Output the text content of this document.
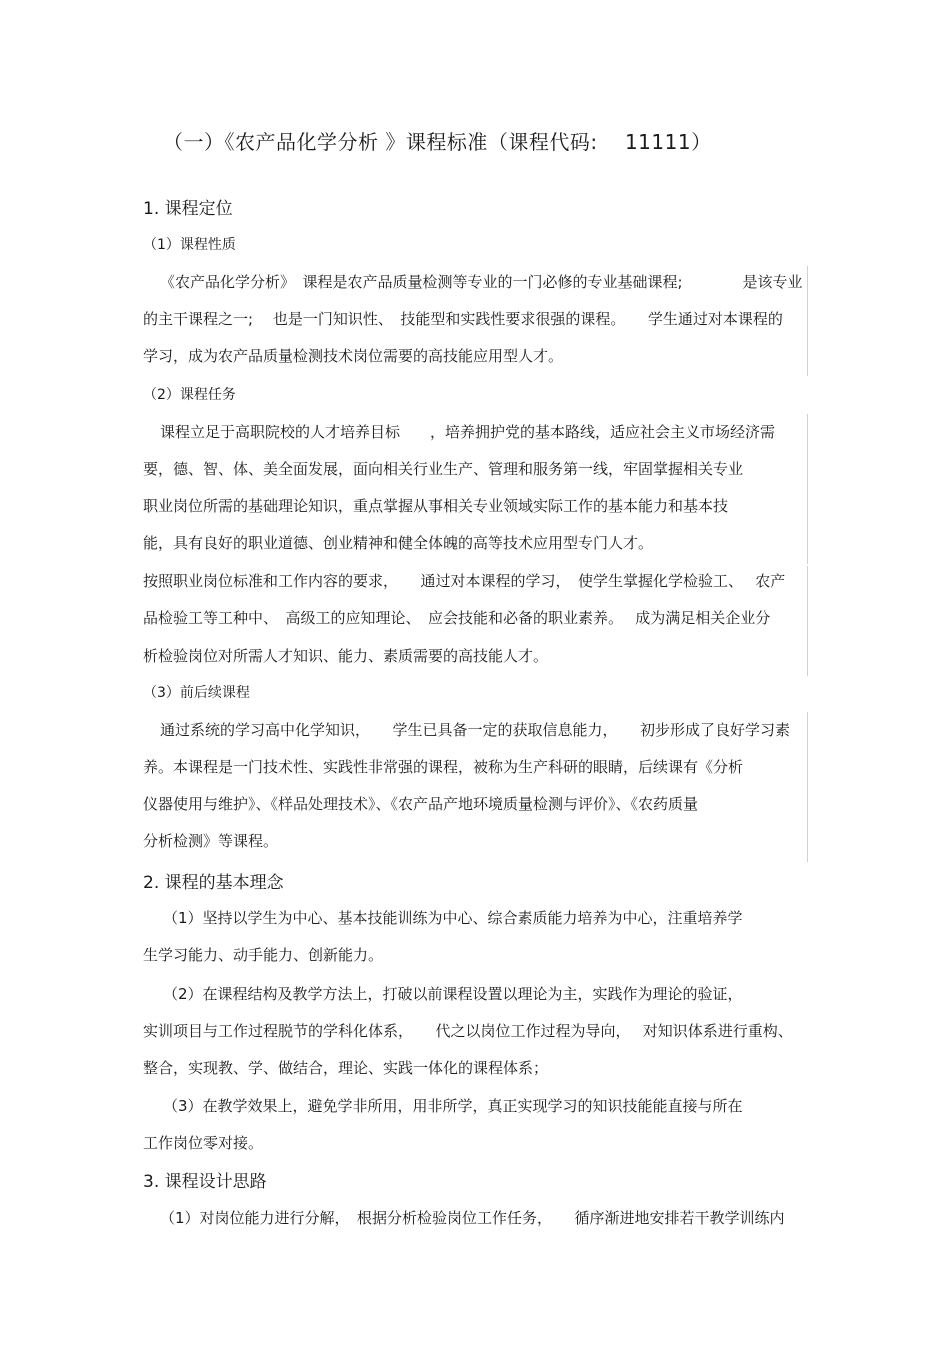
（一）《农产品化学分析 》课程标准（课程代码:　 11111）
1. 课程定位
（1）课程性质
《农产品化学分析》　课程是农产品质量检测等专业的一门必修的专业基础课程;　　　　是该专业
的主干课程之一;　 也是一门知识性、　技能型和实践性要求很强的课程。　　学生通过对本课程的
学习，成为农产品质量检测技术岗位需要的高技能应用型人才。
（2）课程任务
课程立足于高职院校的人才培养目标　　，培养拥护党的基本路线，适应社会主义市场经济需
要，德、智、体、美全面发展，面向相关行业生产、管理和服务第一线，牢固掌握相关专业
职业岗位所需的基础理论知识，重点掌握从事相关专业领域实际工作的基本能力和基本技
能，具有良好的职业道德、创业精神和健全体魄的高等技术应用型专门人才。
按照职业岗位标准和工作内容的要求，　　通过对本课程的学习，　使学生掌握化学检验工、　 农产
品检验工等工种中、　高级工的应知理论、　应会技能和必备的职业素养。　 成为满足相关企业分
析检验岗位对所需人才知识、能力、素质需要的高技能人才。
（3）前后续课程
通过系统的学习高中化学知识，　　学生已具备一定的获取信息能力，　　初步形成了良好学习素
养。本课程是一门技术性、实践性非常强的课程，被称为生产科研的眼睛，后续课有《分析
仪器使用与维护》、《样品处理技术》、《农产品产地环境质量检测与评价》、《农药质量
分析检测》等课程。
2. 课程的基本理念
（1）坚持以学生为中心、基本技能训练为中心、综合素质能力培养为中心，注重培养学
生学习能力、动手能力、创新能力。
（2）在课程结构及教学方法上，打破以前课程设置以理论为主，实践作为理论的验证，
实训项目与工作过程脱节的学科化体系，　　代之以岗位工作过程为导向，　 对知识体系进行重构、
整合，实现教、学、做结合，理论、实践一体化的课程体系；
（3）在教学效果上，避免学非所用，用非所学，真正实现学习的知识技能能直接与所在
工作岗位零对接。
3. 课程设计思路
（1）对岗位能力进行分解，　根据分析检验岗位工作任务，　　循序渐进地安排若干教学训练内
